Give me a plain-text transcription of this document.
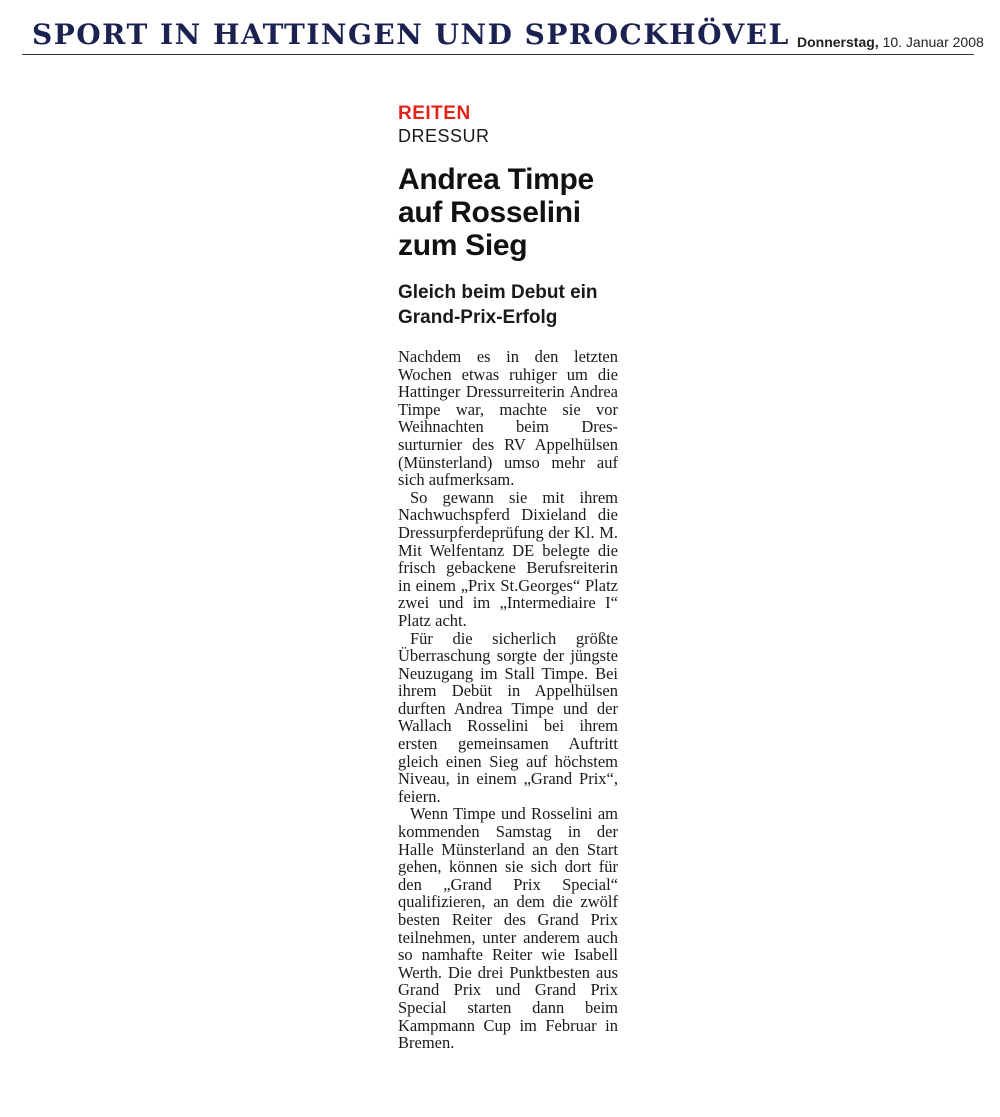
SPORT IN HATTINGEN UND SPROCKHÖVEL Donnerstag, 10. Januar 2008
REITEN
DRESSUR
Andrea Timpe auf Rosselini zum Sieg
Gleich beim Debut ein Grand-Prix-Erfolg

Nachdem es in den letzten Wochen etwas ruhiger um die Hattinger Dressurreiterin Andrea Timpe war, machte sie vor Weihnachten beim Dressurturnier des RV Appelhülsen (Münsterland) umso mehr auf sich aufmerksam.

So gewann sie mit ihrem Nachwuchspferd Dixieland die Dressurpferdeprüfung der Kl. M. Mit Welfentanz DE belegte die frisch gebackene Berufsreiterin in einem „Prix St.Georges“ Platz zwei und im „Intermediaire I“ Platz acht.

Für die sicherlich größte Überraschung sorgte der jüngste Neuzugang im Stall Timpe. Bei ihrem Debüt in Appelhülsen durften Andrea Timpe und der Wallach Rosselini bei ihrem ersten gemeinsamen Auftritt gleich einen Sieg auf höchstem Niveau, in einem „Grand Prix“, feiern.

Wenn Timpe und Rosselini am kommenden Samstag in der Halle Münsterland an den Start gehen, können sie sich dort für den „Grand Prix Special“ qualifizieren, an dem die zwölf besten Reiter des Grand Prix teilnehmen, unter anderem auch so namhafte Reiter wie Isabell Werth. Die drei Punktbesten aus Grand Prix und Grand Prix Special starten dann beim Kampmann Cup im Februar in Bremen.
